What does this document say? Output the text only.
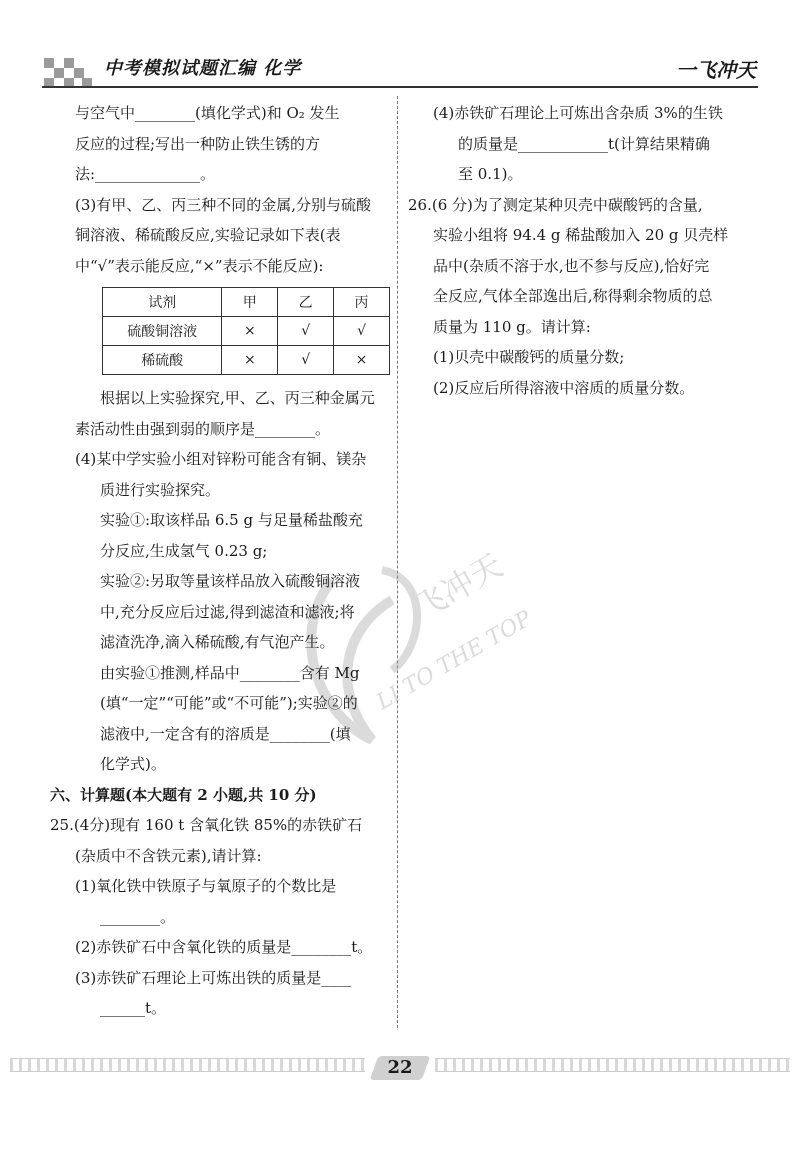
中考模拟试题汇编 化学	一飞冲天
飞冲天
LI TO THE TOP
与空气中________(填化学式)和 O₂ 发生
反应的过程;写出一种防止铁生锈的方
法:______________。
(3)有甲、乙、丙三种不同的金属,分别与硫酸
铜溶液、稀硫酸反应,实验记录如下表(表
中“√”表示能反应,“×”表示不能反应):
试剂	甲	乙	丙
硫酸铜溶液	×	√	√
稀硫酸	×	√	×
根据以上实验探究,甲、乙、丙三种金属元
素活动性由强到弱的顺序是________。
(4)某中学实验小组对锌粉可能含有铜、镁杂
质进行实验探究。
实验①:取该样品 6.5 g 与足量稀盐酸充
分反应,生成氢气 0.23 g;
实验②:另取等量该样品放入硫酸铜溶液
中,充分反应后过滤,得到滤渣和滤液;将
滤渣洗净,滴入稀硫酸,有气泡产生。
由实验①推测,样品中________含有 Mg
(填“一定”“可能”或“不可能”);实验②的
滤液中,一定含有的溶质是________(填
化学式)。
六、计算题(本大题有 2 小题,共 10 分)
25.(4分)现有 160 t 含氧化铁 85%的赤铁矿石
(杂质中不含铁元素),请计算:
(1)氧化铁中铁原子与氧原子的个数比是
________。
(2)赤铁矿石中含氧化铁的质量是________t。
(3)赤铁矿石理论上可炼出铁的质量是____
______t。
(4)赤铁矿石理论上可炼出含杂质 3%的生铁
的质量是____________t(计算结果精确
至 0.1)。
26.(6 分)为了测定某种贝壳中碳酸钙的含量,
实验小组将 94.4 g 稀盐酸加入 20 g 贝壳样
品中(杂质不溶于水,也不参与反应),恰好完
全反应,气体全部逸出后,称得剩余物质的总
质量为 110 g。请计算:
(1)贝壳中碳酸钙的质量分数;
(2)反应后所得溶液中溶质的质量分数。
22
